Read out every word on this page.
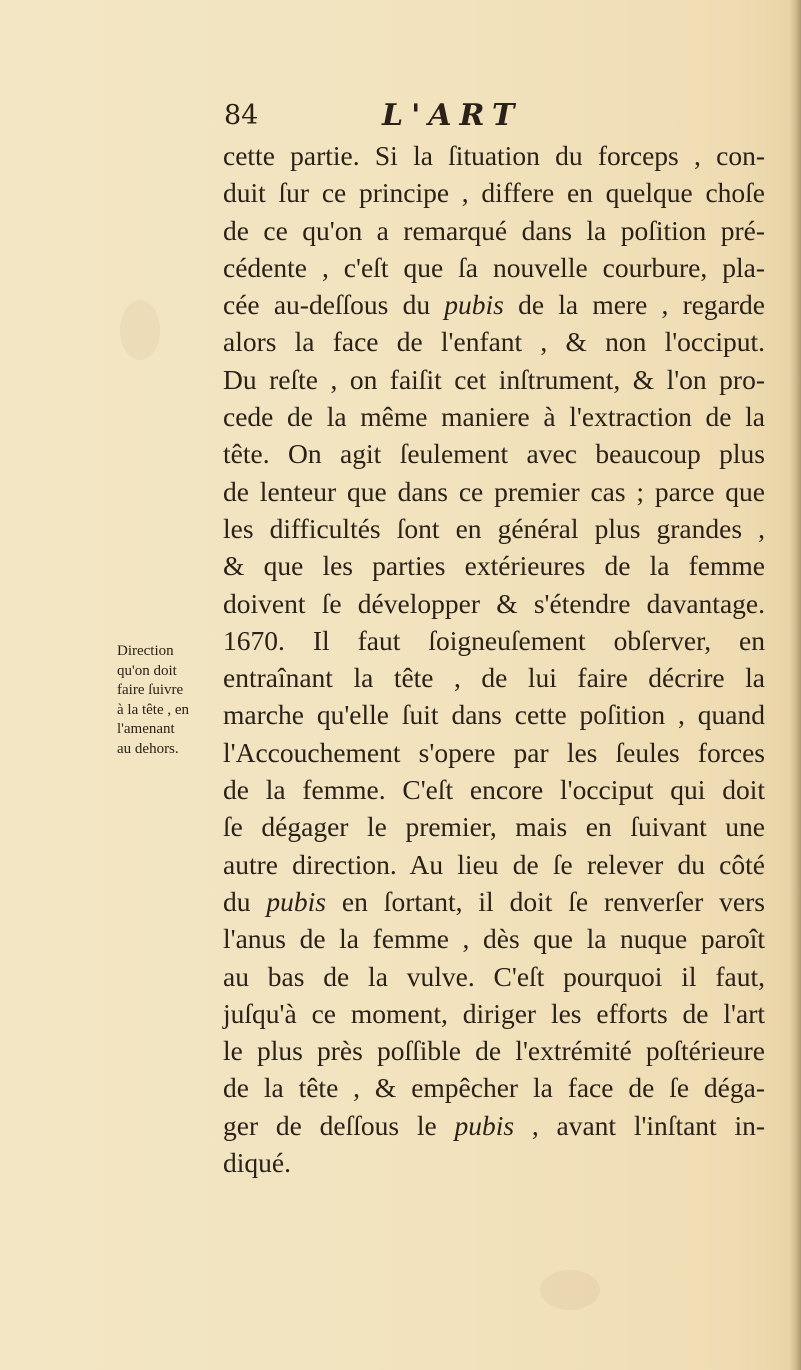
84	L'ART
cette partie. Si la ſituation du forceps , con-
duit ſur ce principe , differe en quelque choſe
de ce qu'on a remarqué dans la poſition pré-
cédente , c'eſt que ſa nouvelle courbure, pla-
cée au-deſſous du pubis de la mere , regarde
alors la face de l'enfant , & non l'occiput.
Du reſte , on faiſit cet inſtrument, & l'on pro-
cede de la même maniere à l'extraction de la
tête. On agit ſeulement avec beaucoup plus
de lenteur que dans ce premier cas ; parce que
les difficultés ſont en général plus grandes ,
& que les parties extérieures de la femme
doivent ſe développer & s'étendre davantage.
1670. Il faut ſoigneuſement obſerver, en
entraînant la tête , de lui faire décrire la
marche qu'elle ſuit dans cette poſition , quand
l'Accouchement s'opere par les ſeules forces
de la femme. C'eſt encore l'occiput qui doit
ſe dégager le premier, mais en ſuivant une
autre direction. Au lieu de ſe relever du côté
du pubis en ſortant, il doit ſe renverſer vers
l'anus de la femme , dès que la nuque paroît
au bas de la vulve. C'eſt pourquoi il faut,
juſqu'à ce moment, diriger les efforts de l'art
le plus près poſſible de l'extrémité poſtérieure
de la tête , & empêcher la face de ſe déga-
ger de deſſous le pubis , avant l'inſtant in-
diqué.
Direction
qu'on doit
faire ſuivre
à la tête , en
l'amenant
au dehors.
